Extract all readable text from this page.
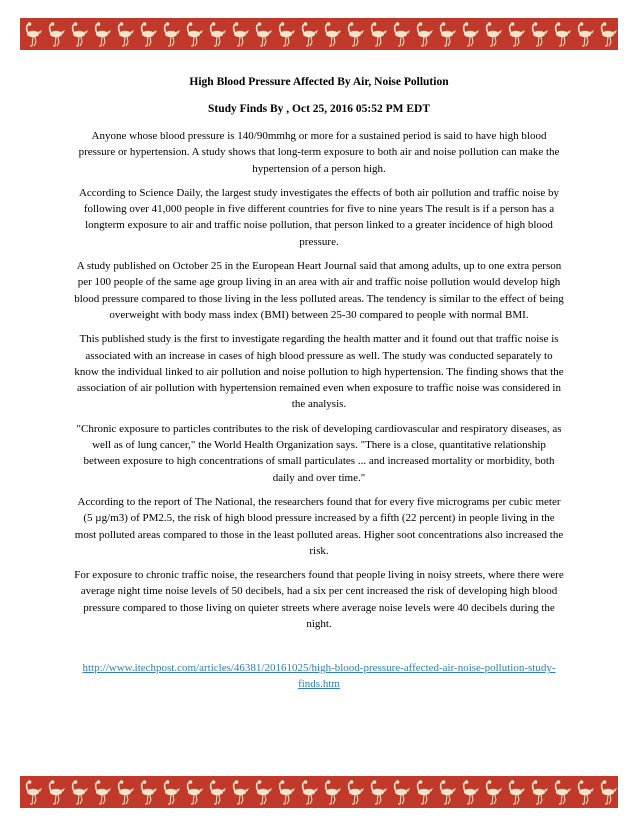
High Blood Pressure Affected By Air, Noise Pollution
Study Finds By , Oct 25, 2016 05:52 PM EDT

Anyone whose blood pressure is 140/90mmhg or more for a sustained period is said to have high blood pressure or hypertension. A study shows that long-term exposure to both air and noise pollution can make the hypertension of a person high.

According to Science Daily, the largest study investigates the effects of both air pollution and traffic noise by following over 41,000 people in five different countries for five to nine years The result is if a person has a longterm exposure to air and traffic noise pollution, that person linked to a greater incidence of high blood pressure.

A study published on October 25 in the European Heart Journal said that among adults, up to one extra person per 100 people of the same age group living in an area with air and traffic noise pollution would develop high blood pressure compared to those living in the less polluted areas. The tendency is similar to the effect of being overweight with body mass index (BMI) between 25-30 compared to people with normal BMI.

This published study is the first to investigate regarding the health matter and it found out that traffic noise is associated with an increase in cases of high blood pressure as well. The study was conducted separately to know the individual linked to air pollution and noise pollution to high hypertension. The finding shows that the association of air pollution with hypertension remained even when exposure to traffic noise was considered in the analysis.

"Chronic exposure to particles contributes to the risk of developing cardiovascular and respiratory diseases, as well as of lung cancer," the World Health Organization says. "There is a close, quantitative relationship between exposure to high concentrations of small particulates ... and increased mortality or morbidity, both daily and over time."

According to the report of The National, the researchers found that for every five micrograms per cubic meter (5 µg/m3) of PM2.5, the risk of high blood pressure increased by a fifth (22 percent) in people living in the most polluted areas compared to those in the least polluted areas. Higher soot concentrations also increased the risk.

For exposure to chronic traffic noise, the researchers found that people living in noisy streets, where there were average night time noise levels of 50 decibels, had a six per cent increased the risk of developing high blood pressure compared to those living on quieter streets where average noise levels were 40 decibels during the night.

http://www.itechpost.com/articles/46381/20161025/high-blood-pressure-affected-air-noise-pollution-study-finds.htm
